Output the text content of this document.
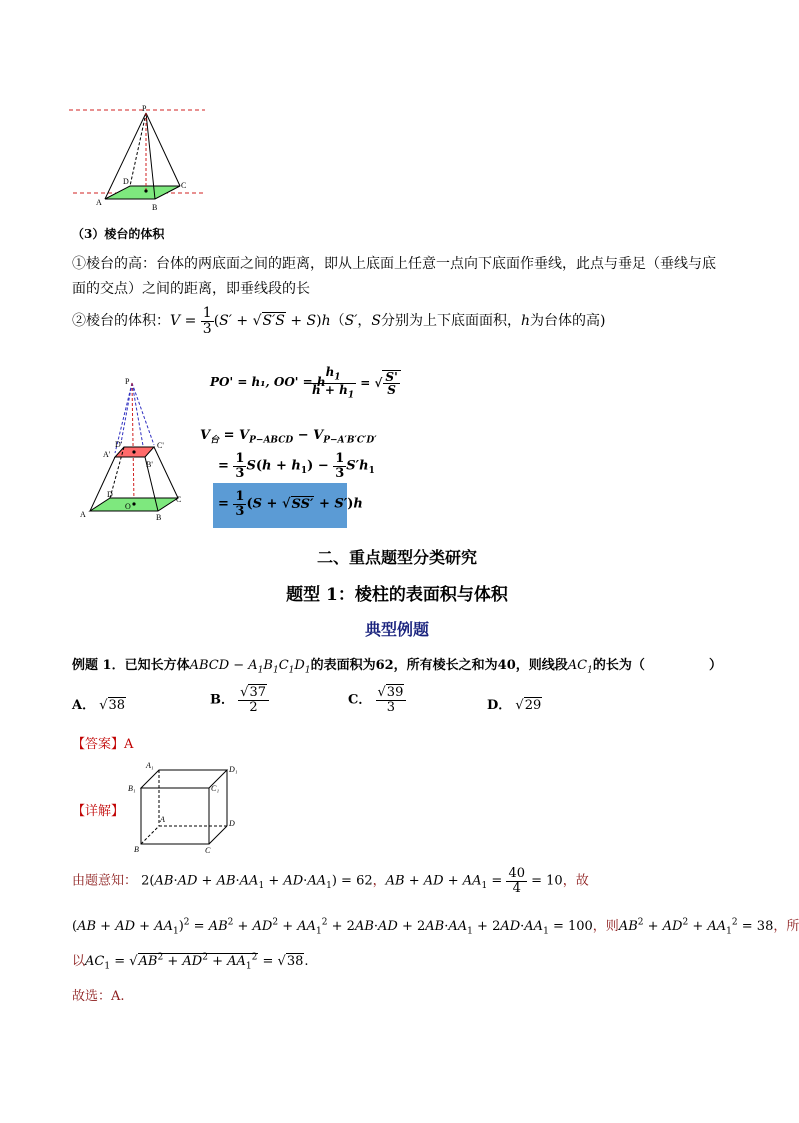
P
D	C
A
B
（3）棱台的体积
①棱台的高：台体的两底面之间的距离，即从上底面上任意一点向下底面作垂线，此点与垂足（垂线与底
面的交点）之间的距离，即垂线段的长
②棱台的体积：$V = \frac{1}{3} (S' + √S'S + S)h(S'$，S分别为上下底面面积，h为台体的高)
P
D'	C'
A'
B'
D
C
A	B
O
PO' = h₁, OO' = h
$\frac{h_1}{h + h_1}$ = √ $\frac{S'}{S}$
$V_台 = V_{P-ABCD} - V_{P-A'B'C'D'}$
= $\frac{1}{3} S(h + h_1) - \frac{1}{3} S'h_1$
= $\frac{1}{3} (S + √SS' + S')h$
二、重点题型分类研究
题型 1：棱柱的表面积与体积
典型例题
例题 1．已知长方体ABCD − $A_1B_1C_1D_1$的表面积为62，所有棱长之和为40，则线段$AC_1$的长为（	）
A． √38	B． $\frac{√37}{2}$	C． $\frac{√39}{3}$	D． √29
【答案】A
A₁	D₁
B₁	C₁
A	D
B	C
【详解】
由题意知： $2(AB\cdot AD + AB\cdot AA_1 + AD\cdot AA_1) = 62$，AB + AD + $AA_1 = \frac{40}{4} = 10$，故
(AB + AD + $AA_1)^2 = AB^2 + AD^2 + AA_1^2 + 2AB\cdot AD + 2AB\cdot AA_1 + 2AD\cdot AA_1 = 100$，则$AB^2 + AD^2 + AA_1^2 = 38$，所
以$AC_1 = √AB^2 + AD^2 + AA_1^2 = √38$.
故选：A.
